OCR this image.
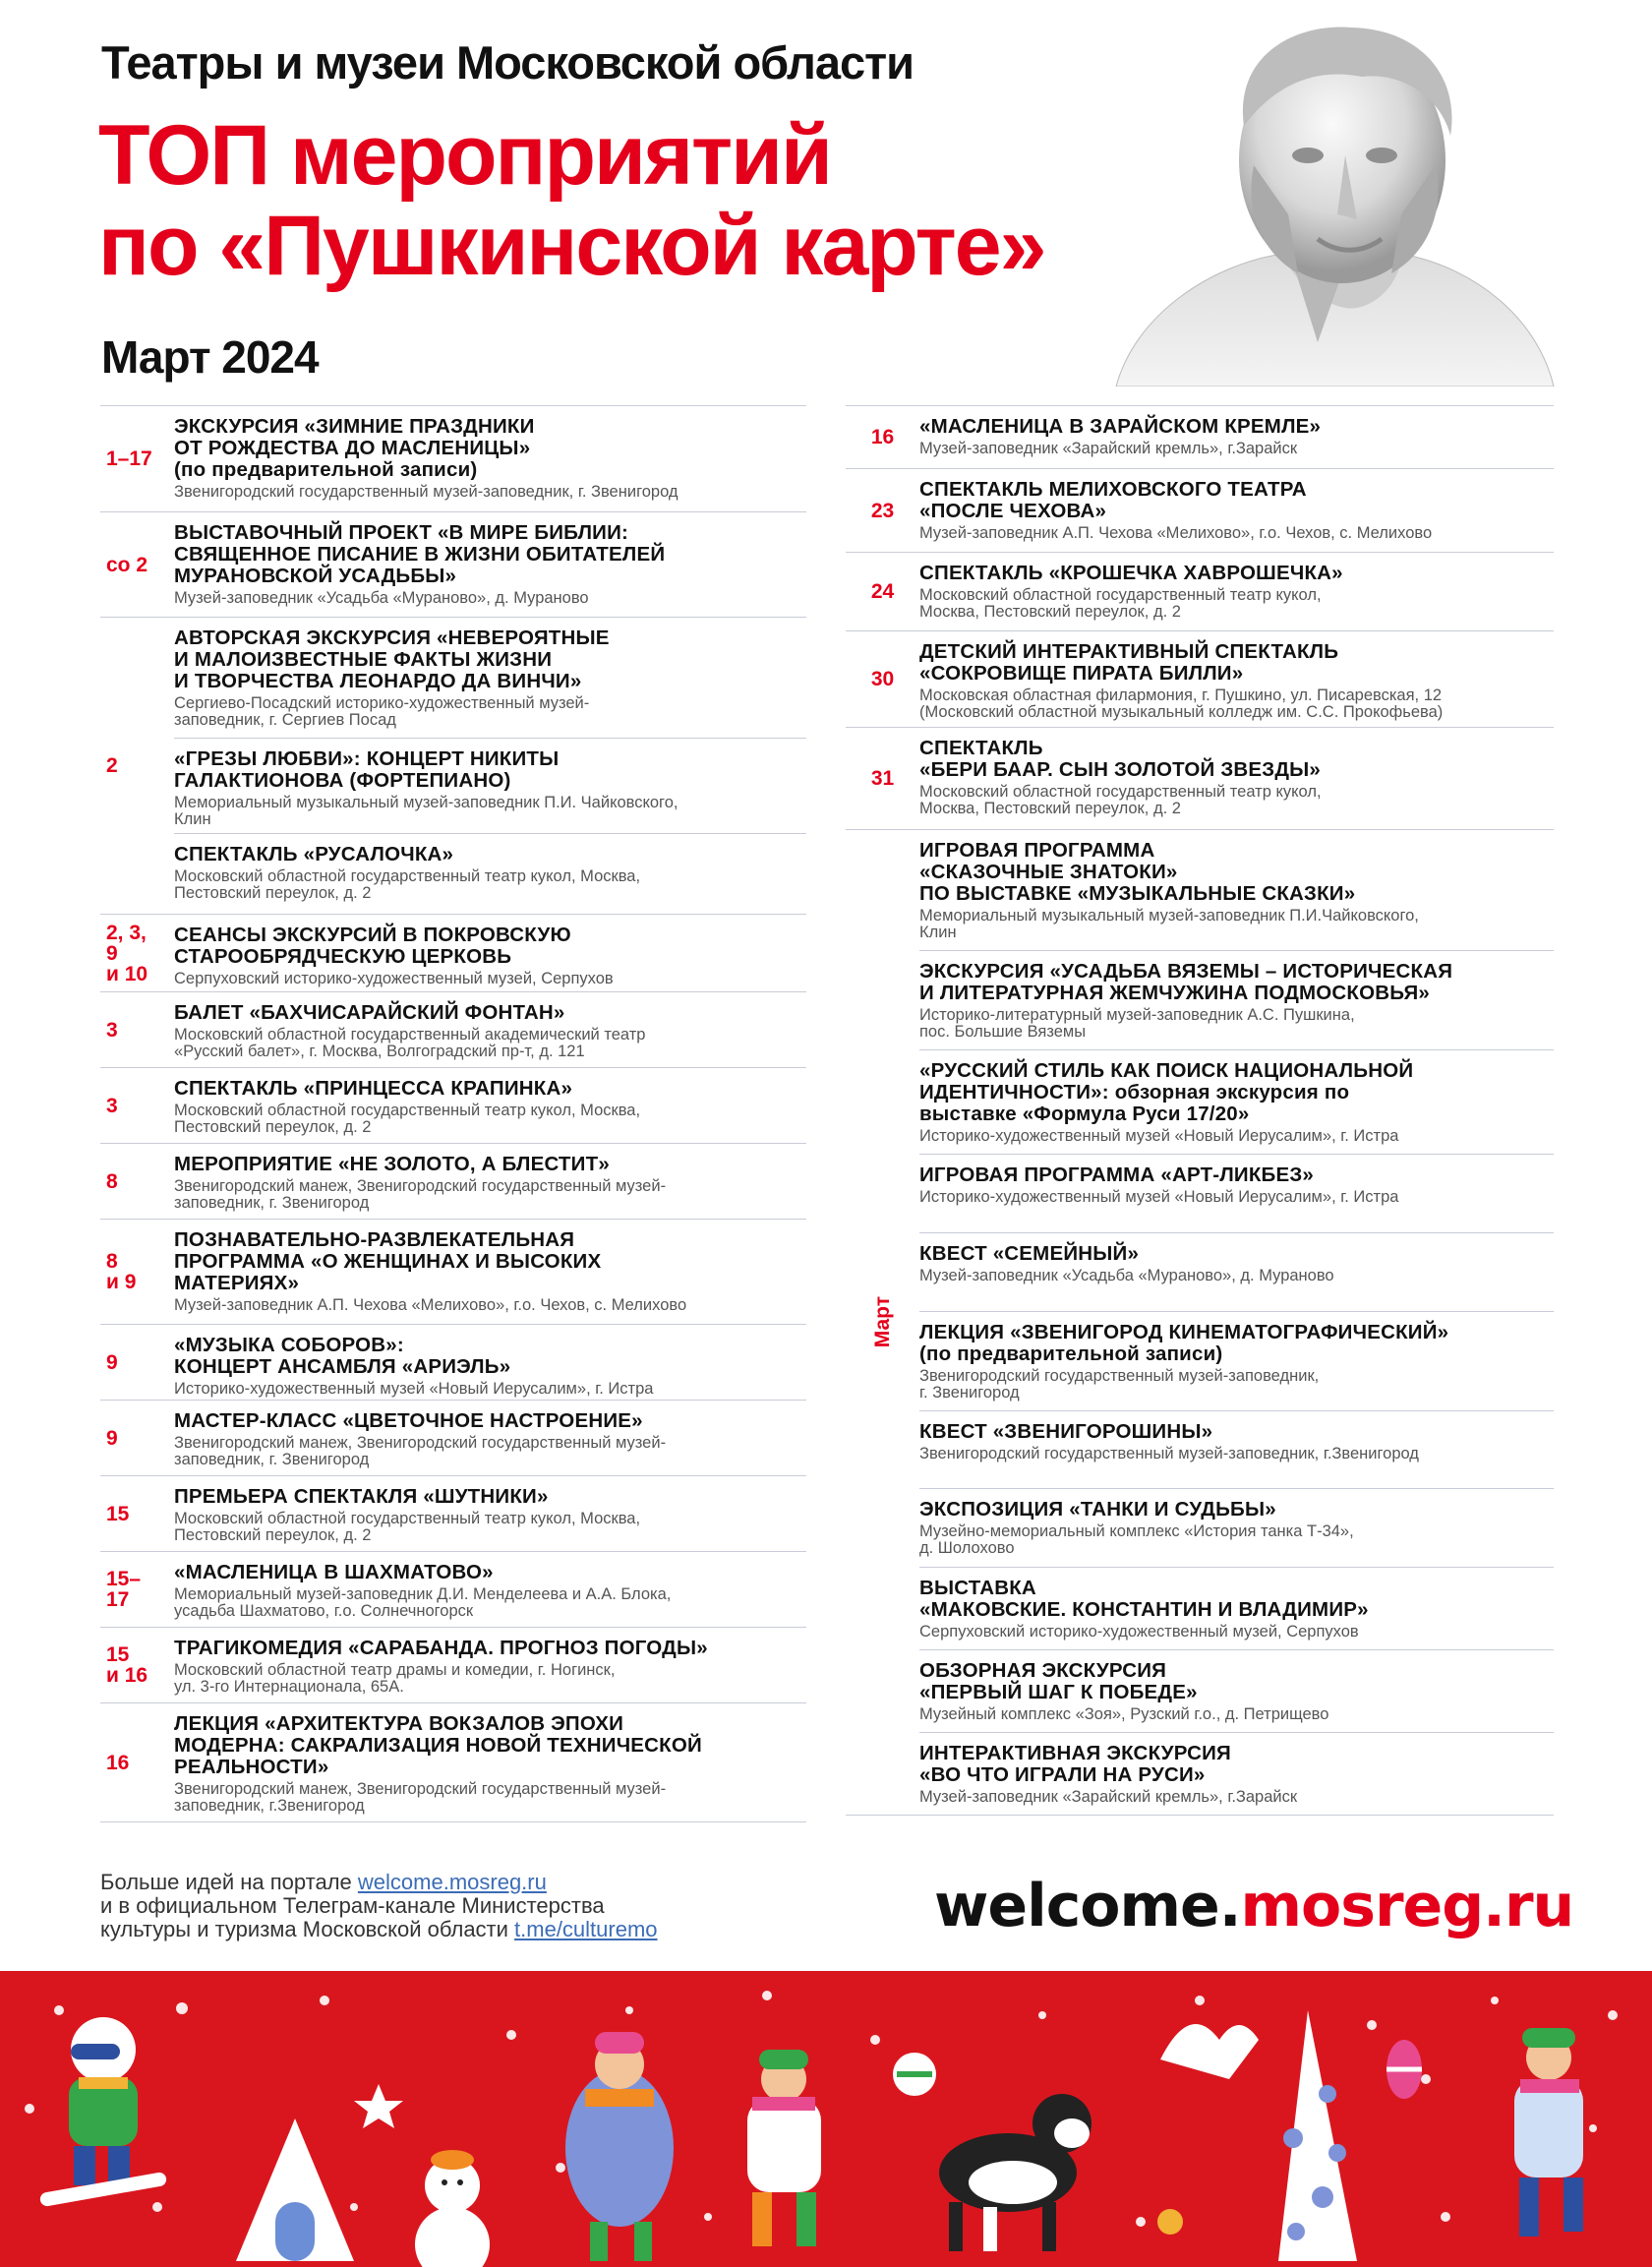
Театры и музеи Московской области
ТОП мероприятий
по «Пушкинской карте»
Март 2024
1–17
ЭКСКУРСИЯ «ЗИМНИЕ ПРАЗДНИКИ
ОТ РОЖДЕСТВА ДО МАСЛЕНИЦЫ»
(по предварительной записи)
Звенигородский государственный музей-заповедник, г. Звенигород
со 2
ВЫСТАВОЧНЫЙ ПРОЕКТ «В МИРЕ БИБЛИИ:
СВЯЩЕННОЕ ПИСАНИЕ В ЖИЗНИ ОБИТАТЕЛЕЙ
МУРАНОВСКОЙ УСАДЬБЫ»
Музей-заповедник «Усадьба «Мураново», д. Мураново
2
АВТОРСКАЯ ЭКСКУРСИЯ «НЕВЕРОЯТНЫЕ
И МАЛОИЗВЕСТНЫЕ ФАКТЫ ЖИЗНИ
И ТВОРЧЕСТВА ЛЕОНАРДО ДА ВИНЧИ»
Сергиево-Посадский историко-художественный музей-
заповедник, г. Сергиев Посад
«ГРЕЗЫ ЛЮБВИ»: КОНЦЕРТ НИКИТЫ
ГАЛАКТИОНОВА (ФОРТЕПИАНО)
Мемориальный музыкальный музей-заповедник П.И. Чайковского,
Клин
СПЕКТАКЛЬ «РУСАЛОЧКА»
Московский областной государственный театр кукол, Москва,
Пестовский переулок, д. 2
2, 3,
9
и 10
СЕАНСЫ ЭКСКУРСИЙ В ПОКРОВСКУЮ
СТАРООБРЯДЧЕСКУЮ ЦЕРКОВЬ
Серпуховский историко-художественный музей, Серпухов
3
БАЛЕТ «БАХЧИСАРАЙСКИЙ ФОНТАН»
Московский областной государственный академический театр
«Русский балет», г. Москва, Волгоградский пр-т, д. 121
3
СПЕКТАКЛЬ «ПРИНЦЕССА КРАПИНКА»
Московский областной государственный театр кукол, Москва,
Пестовский переулок, д. 2
8
МЕРОПРИЯТИЕ «НЕ ЗОЛОТО, А БЛЕСТИТ»
Звенигородский манеж, Звенигородский государственный музей-
заповедник, г. Звенигород
8
и 9
ПОЗНАВАТЕЛЬНО-РАЗВЛЕКАТЕЛЬНАЯ
ПРОГРАММА «О ЖЕНЩИНАХ И ВЫСОКИХ
МАТЕРИЯХ»
Музей-заповедник А.П. Чехова «Мелихово», г.о. Чехов, с. Мелихово
9
«МУЗЫКА СОБОРОВ»:
КОНЦЕРТ АНСАМБЛЯ «АРИЭЛЬ»
Историко-художественный музей «Новый Иерусалим», г. Истра
9
МАСТЕР-КЛАСС «ЦВЕТОЧНОЕ НАСТРОЕНИЕ»
Звенигородский манеж, Звенигородский государственный музей-
заповедник, г. Звенигород
15
ПРЕМЬЕРА СПЕКТАКЛЯ «ШУТНИКИ»
Московский областной государственный театр кукол, Москва,
Пестовский переулок, д. 2
15–
17
«МАСЛЕНИЦА В ШАХМАТОВО»
Мемориальный музей-заповедник Д.И. Менделеева и А.А. Блока,
усадьба Шахматово, г.о. Солнечногорск
15
и 16
ТРАГИКОМЕДИЯ «САРАБАНДА. ПРОГНОЗ ПОГОДЫ»
Московский областной театр драмы и комедии, г. Ногинск,
ул. 3-го Интернационала, 65А.
16
ЛЕКЦИЯ «АРХИТЕКТУРА ВОКЗАЛОВ ЭПОХИ
МОДЕРНА: САКРАЛИЗАЦИЯ НОВОЙ ТЕХНИЧЕСКОЙ
РЕАЛЬНОСТИ»
Звенигородский манеж, Звенигородский государственный музей-
заповедник, г.Звенигород
16	«МАСЛЕНИЦА В ЗАРАЙСКОМ КРЕМЛЕ»
Музей-заповедник «Зарайский кремль», г.Зарайск
23
СПЕКТАКЛЬ МЕЛИХОВСКОГО ТЕАТРА
«ПОСЛЕ ЧЕХОВА»
Музей-заповедник А.П. Чехова «Мелихово», г.о. Чехов, с. Мелихово
24
СПЕКТАКЛЬ «КРОШЕЧКА ХАВРОШЕЧКА»
Московский областной государственный театр кукол,
Москва, Пестовский переулок, д. 2
30
ДЕТСКИЙ ИНТЕРАКТИВНЫЙ СПЕКТАКЛЬ
«СОКРОВИЩЕ ПИРАТА БИЛЛИ»
Московская областная филармония, г. Пушкино, ул. Писаревская, 12
(Московский областной музыкальный колледж им. С.С. Прокофьева)
31
СПЕКТАКЛЬ
«БЕРИ БААР. СЫН ЗОЛОТОЙ ЗВЕЗДЫ»
Московский областной государственный театр кукол,
Москва, Пестовский переулок, д. 2
Март
ИГРОВАЯ ПРОГРАММА
«СКАЗОЧНЫЕ ЗНАТОКИ»
ПО ВЫСТАВКЕ «МУЗЫКАЛЬНЫЕ СКАЗКИ»
Мемориальный музыкальный музей-заповедник П.И.Чайковского,
Клин
ЭКСКУРСИЯ «УСАДЬБА ВЯЗЕМЫ – ИСТОРИЧЕСКАЯ
И ЛИТЕРАТУРНАЯ ЖЕМЧУЖИНА ПОДМОСКОВЬЯ»
Историко-литературный музей-заповедник А.С. Пушкина,
пос. Большие Вяземы
«РУССКИЙ СТИЛЬ КАК ПОИСК НАЦИОНАЛЬНОЙ
ИДЕНТИЧНОСТИ»: обзорная экскурсия по
выставке «Формула Руси 17/20»
Историко-художественный музей «Новый Иерусалим», г. Истра
ИГРОВАЯ ПРОГРАММА «АРТ-ЛИКБЕЗ»
Историко-художественный музей «Новый Иерусалим», г. Истра
КВЕСТ «СЕМЕЙНЫЙ»
Музей-заповедник «Усадьба «Мураново», д. Мураново
ЛЕКЦИЯ «ЗВЕНИГОРОД КИНЕМАТОГРАФИЧЕСКИЙ»
(по предварительной записи)
Звенигородский государственный музей-заповедник,
г. Звенигород
КВЕСТ «ЗВЕНИГОРОШИНЫ»
Звенигородский государственный музей-заповедник, г.Звенигород
ЭКСПОЗИЦИЯ «ТАНКИ И СУДЬБЫ»
Музейно-мемориальный комплекс «История танка Т-34»,
д. Шолохово
ВЫСТАВКА
«МАКОВСКИЕ. КОНСТАНТИН И ВЛАДИМИР»
Серпуховский историко-художественный музей, Серпухов
ОБЗОРНАЯ ЭКСКУРСИЯ
«ПЕРВЫЙ ШАГ К ПОБЕДЕ»
Музейный комплекс «Зоя», Рузский г.о., д. Петрищево
ИНТЕРАКТИВНАЯ ЭКСКУРСИЯ
«ВО ЧТО ИГРАЛИ НА РУСИ»
Музей-заповедник «Зарайский кремль», г.Зарайск
Больше идей на портале welcome.mosreg.ru
и в официальном Телеграм-канале Министерства
культуры и туризма Московской области t.me/culturemo	welcome.mosreg.ru
